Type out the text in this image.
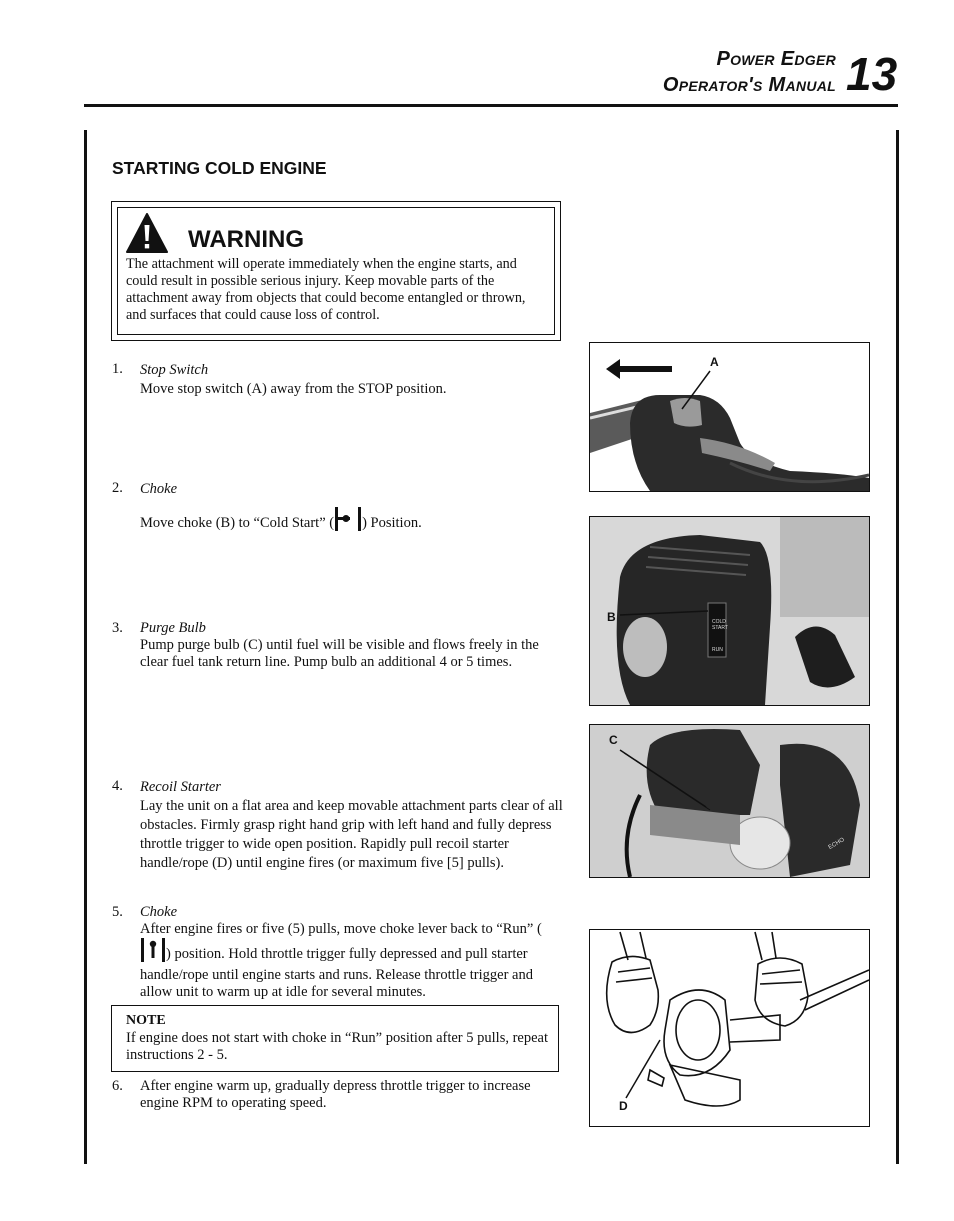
Power Edger
Operator's Manual 13
STARTING COLD ENGINE
WARNING
The attachment will operate immediately when the engine starts, and could result in possible serious injury. Keep movable parts of the attachment away from objects that could become entangled or thrown, and surfaces that could cause loss of control.
1.	Stop Switch
Move stop switch (A) away from the STOP position.
2.	Choke
Move choke (B) to “Cold Start” ( ) Position.
3.	Purge Bulb
Pump purge bulb (C) until fuel will be visible and flows freely in the clear fuel tank return line. Pump bulb an additional 4 or 5 times.
4.	Recoil Starter
Lay the unit on a flat area and keep movable attachment parts clear of all obstacles. Firmly grasp right hand grip with left hand and fully depress throttle trigger to wide open position. Rapidly pull recoil starter handle/rope (D) until engine fires (or maximum five [5] pulls).
5.	Choke
After engine fires or five (5) pulls, move choke lever back to “Run” () position. Hold throttle trigger fully depressed and pull starter handle/rope until engine starts and runs. Release throttle trigger and allow unit to warm up at idle for several minutes.
NOTE
If engine does not start with choke in “Run” position after 5 pulls, repeat instructions 2 - 5.
6.	After engine warm up, gradually depress throttle trigger to increase engine RPM to operating speed.
A
B	COLD
START
RUN
C
ECHO
D
